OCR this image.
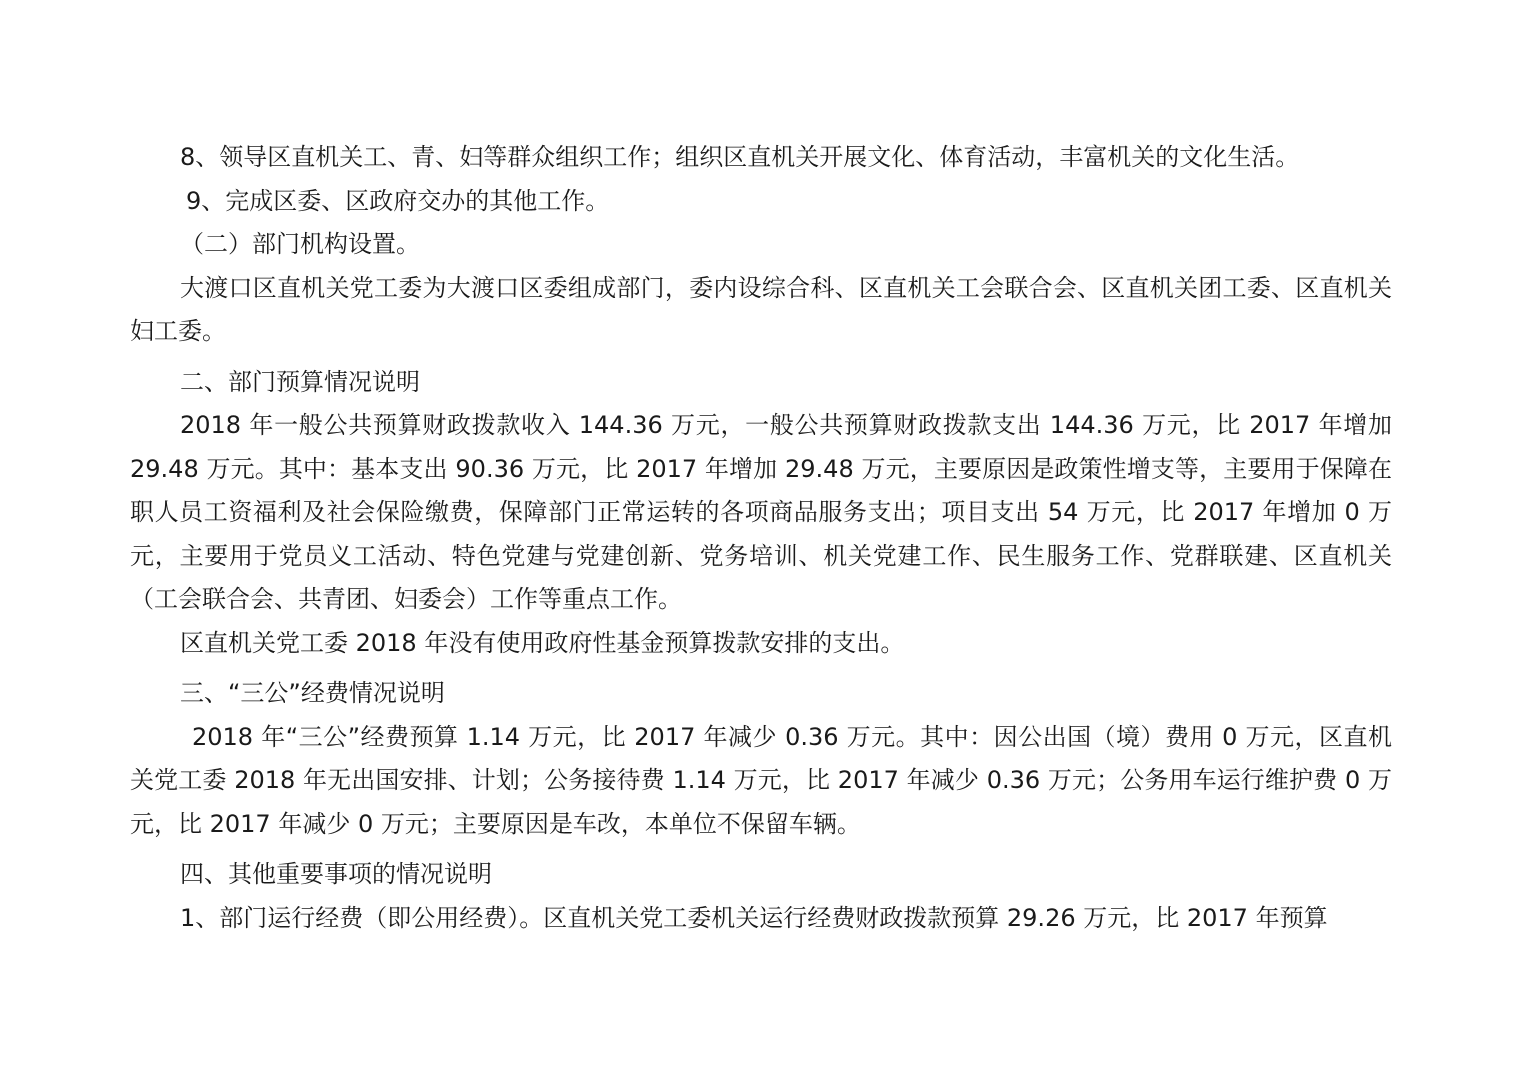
8、领导区直机关工、青、妇等群众组织工作；组织区直机关开展文化、体育活动，丰富机关的文化生活。

9、完成区委、区政府交办的其他工作。

（二）部门机构设置。

大渡口区直机关党工委为大渡口区委组成部门，委内设综合科、区直机关工会联合会、区直机关团工委、区直机关妇工委。

二、部门预算情况说明

2018 年一般公共预算财政拨款收入 144.36 万元，一般公共预算财政拨款支出 144.36 万元，比 2017 年增加 29.48 万元。其中：基本支出 90.36 万元，比 2017 年增加 29.48 万元，主要原因是政策性增支等，主要用于保障在职人员工资福利及社会保险缴费，保障部门正常运转的各项商品服务支出；项目支出 54 万元，比 2017 年增加 0 万元，主要用于党员义工活动、特色党建与党建创新、党务培训、机关党建工作、民生服务工作、党群联建、区直机关（工会联合会、共青团、妇委会）工作等重点工作。

区直机关党工委 2018 年没有使用政府性基金预算拨款安排的支出。

三、“三公”经费情况说明

2018 年“三公”经费预算 1.14 万元，比 2017 年减少 0.36 万元。其中：因公出国（境）费用 0 万元，区直机关党工委 2018 年无出国安排、计划；公务接待费 1.14 万元，比 2017 年减少 0.36 万元；公务用车运行维护费 0 万元，比 2017 年减少 0 万元；主要原因是车改，本单位不保留车辆。

四、其他重要事项的情况说明

1、部门运行经费（即公用经费）。区直机关党工委机关运行经费财政拨款预算 29.26 万元，比 2017 年预算
